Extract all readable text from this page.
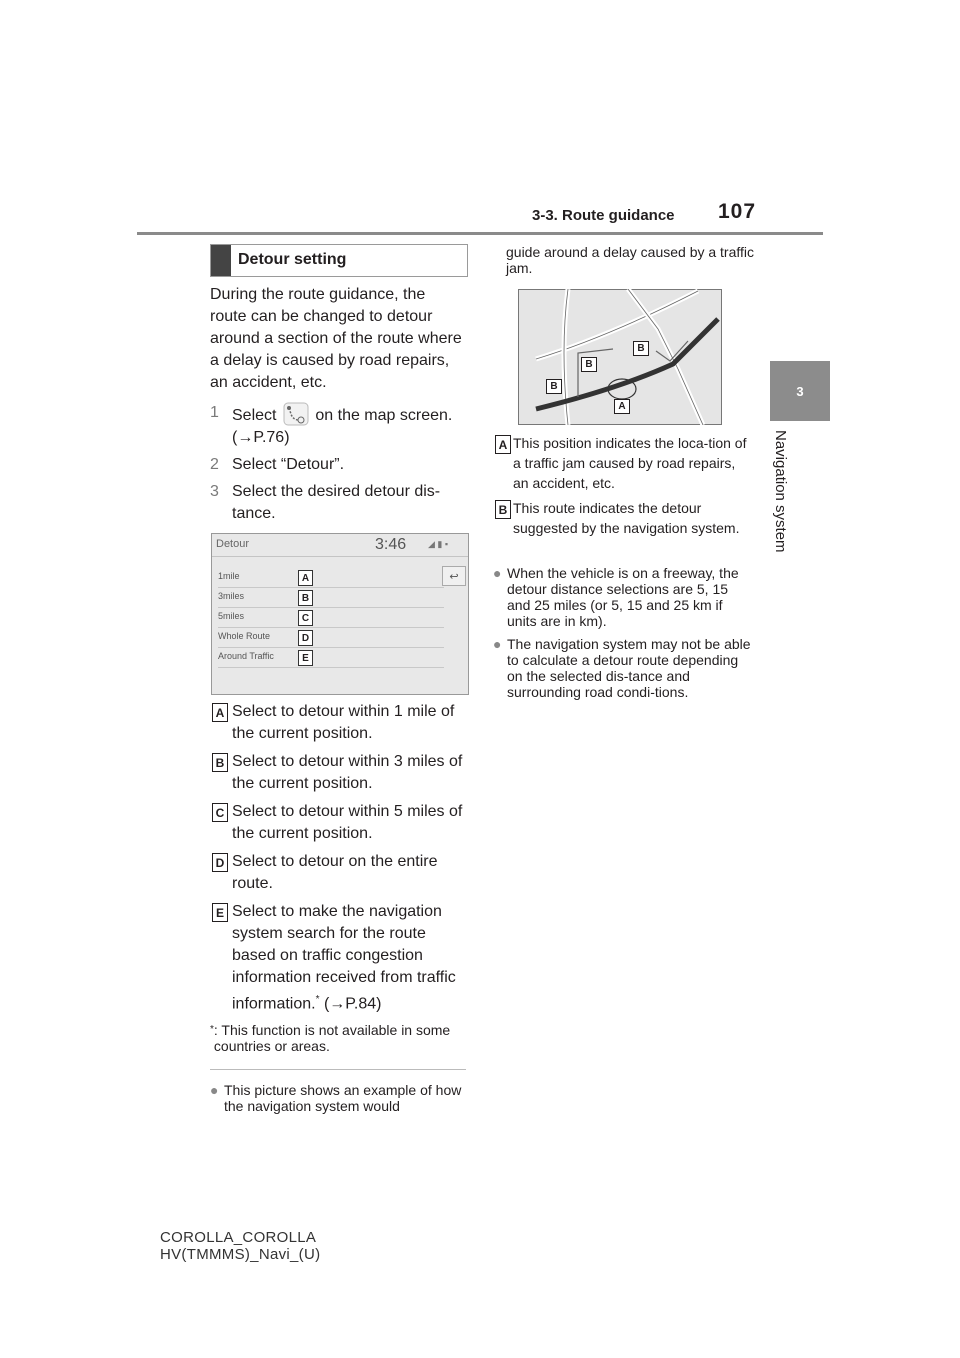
3-3. Route guidance 107
3
Navigation system
Detour setting
During the route guidance, the route can be changed to detour around a section of the route where a delay is caused by road repairs, an accident, etc.
1 Select on the map screen. (→P.76)
2 Select “Detour”.
3 Select the desired detour dis-tance.
Detour	3:46 ◢ ▮ ▪
↩
1mile	A
3miles	B
5miles	C
Whole Route	D
Around Traffic	E
A Select to detour within 1 mile of the current position.
B Select to detour within 3 miles of the current position.
C Select to detour within 5 miles of the current position.
D Select to detour on the entire route.
E Select to make the navigation system search for the route based on traffic congestion information received from traffic information.* (→P.84)
* : This function is not available in some countries or areas.
● This picture shows an example of how the navigation system would
guide around a delay caused by a traffic jam.
B
B
B
A
A This position indicates the loca-tion of a traffic jam caused by road repairs, an accident, etc.
B This route indicates the detour suggested by the navigation system.
● When the vehicle is on a freeway, the detour distance selections are 5, 15 and 25 miles (or 5, 15 and 25 km if units are in km).
● The navigation system may not be able to calculate a detour route depending on the selected dis-tance and surrounding road condi-tions.
COROLLA_COROLLA
HV(TMMMS)_Navi_(U)
